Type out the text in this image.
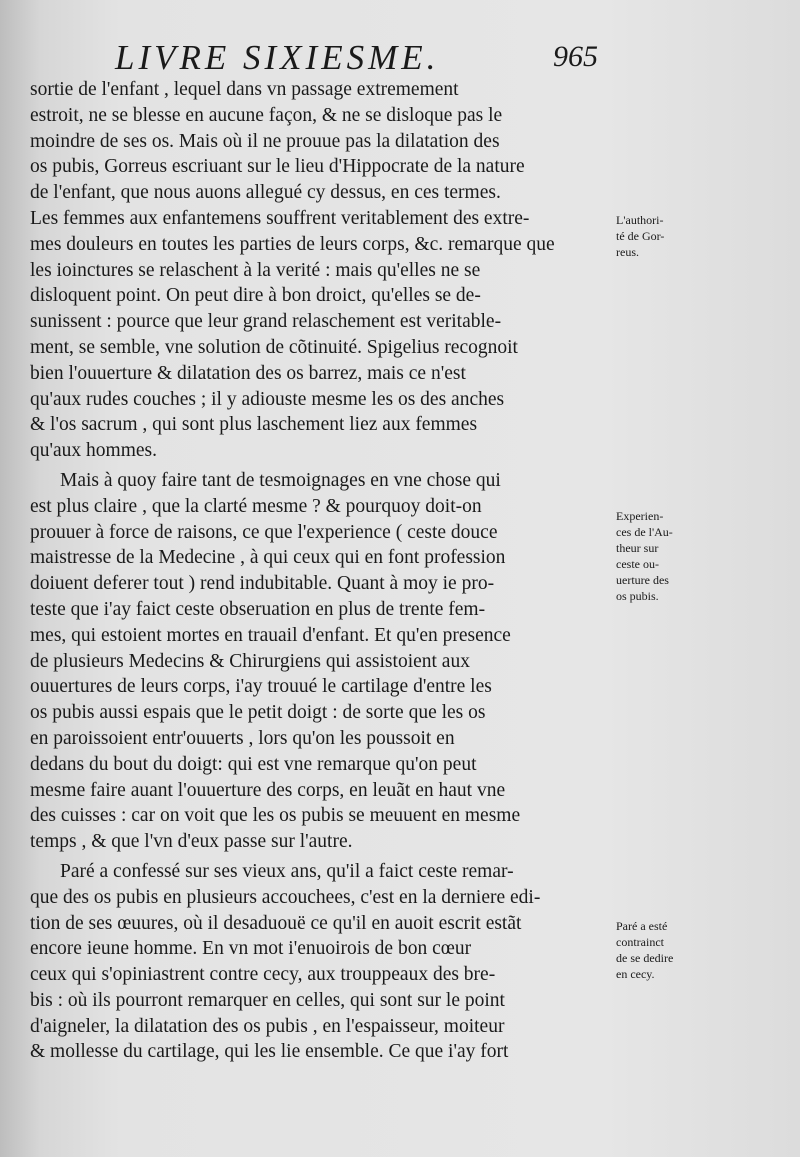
LIVRE SIXIESME.	965
sortie de l'enfant , lequel dans vn passage extremement
estroit, ne se blesse en aucune façon, & ne se disloque pas le
moindre de ses os. Mais où il ne prouue pas la dilatation des
os pubis, Gorreus escriuant sur le lieu d'Hippocrate de la nature
de l'enfant, que nous auons allegué cy dessus, en ces termes.
Les femmes aux enfantemens souffrent veritablement des extre-
mes douleurs en toutes les parties de leurs corps, &c. remarque que
les ioinctures se relaschent à la verité : mais qu'elles ne se
disloquent point. On peut dire à bon droict, qu'elles se de-
sunissent : pource que leur grand relaschement est veritable-
ment, se semble, vne solution de cõtinuité. Spigelius recognoit
bien l'ouuerture & dilatation des os barrez, mais ce n'est
qu'aux rudes couches ; il y adiouste mesme les os des anches
& l'os sacrum , qui sont plus laschement liez aux femmes
qu'aux hommes.
Mais à quoy faire tant de tesmoignages en vne chose qui
est plus claire , que la clarté mesme ? & pourquoy doit-on
prouuer à force de raisons, ce que l'experience ( ceste douce
maistresse de la Medecine , à qui ceux qui en font profession
doiuent deferer tout ) rend indubitable. Quant à moy ie pro-
teste que i'ay faict ceste obseruation en plus de trente fem-
mes, qui estoient mortes en trauail d'enfant. Et qu'en presence
de plusieurs Medecins & Chirurgiens qui assistoient aux
ouuertures de leurs corps, i'ay trouué le cartilage d'entre les
os pubis aussi espais que le petit doigt : de sorte que les os
en paroissoient entr'ouuerts , lors qu'on les poussoit en
dedans du bout du doigt: qui est vne remarque qu'on peut
mesme faire auant l'ouuerture des corps, en leuãt en haut vne
des cuisses : car on voit que les os pubis se meuuent en mesme
temps , & que l'vn d'eux passe sur l'autre.
Paré a confessé sur ses vieux ans, qu'il a faict ceste remar-
que des os pubis en plusieurs accouchees, c'est en la derniere edi-
tion de ses œuures, où il desaduouë ce qu'il en auoit escrit estãt
encore ieune homme. En vn mot i'enuoirois de bon cœur
ceux qui s'opiniastrent contre cecy, aux trouppeaux des bre-
bis : où ils pourront remarquer en celles, qui sont sur le point
d'aigneler, la dilatation des os pubis , en l'espaisseur, moiteur
& mollesse du cartilage, qui les lie ensemble. Ce que i'ay fort
L'authori-
té de Gor-
reus.
Experien-
ces de l'Au-
theur sur
ceste ou-
uerture des
os pubis.
Paré a esté
contrainct
de se dedire
en cecy.
